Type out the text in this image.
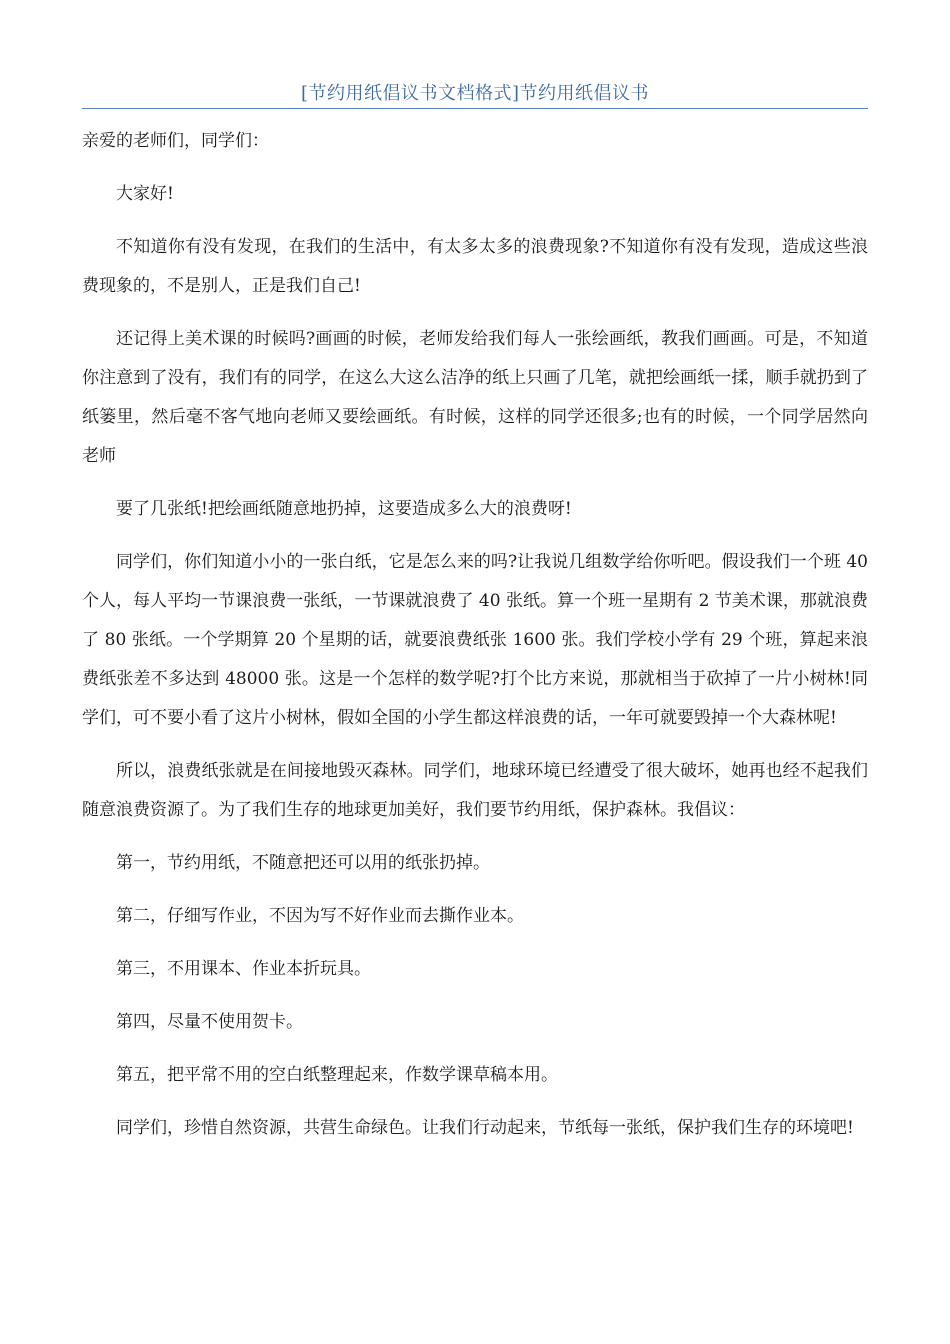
[节约用纸倡议书文档格式]节约用纸倡议书

亲爱的老师们，同学们：

大家好!

不知道你有没有发现，在我们的生活中，有太多太多的浪费现象?不知道你有没有发现，造成这些浪费现象的，不是别人，正是我们自己!

还记得上美术课的时候吗?画画的时候，老师发给我们每人一张绘画纸，教我们画画。可是，不知道你注意到了没有，我们有的同学，在这么大这么洁净的纸上只画了几笔，就把绘画纸一揉，顺手就扔到了纸篓里，然后毫不客气地向老师又要绘画纸。有时候，这样的同学还很多;也有的时候，一个同学居然向老师

要了几张纸!把绘画纸随意地扔掉，这要造成多么大的浪费呀!

同学们，你们知道小小的一张白纸，它是怎么来的吗?让我说几组数学给你听吧。假设我们一个班 40 个人，每人平均一节课浪费一张纸，一节课就浪费了 40 张纸。算一个班一星期有 2 节美术课，那就浪费了 80 张纸。一个学期算 20 个星期的话，就要浪费纸张 1600 张。我们学校小学有 29 个班，算起来浪费纸张差不多达到 48000 张。这是一个怎样的数学呢?打个比方来说，那就相当于砍掉了一片小树林!同学们，可不要小看了这片小树林，假如全国的小学生都这样浪费的话，一年可就要毁掉一个大森林呢!

所以，浪费纸张就是在间接地毁灭森林。同学们，地球环境已经遭受了很大破坏，她再也经不起我们随意浪费资源了。为了我们生存的地球更加美好，我们要节约用纸，保护森林。我倡议：

第一，节约用纸，不随意把还可以用的纸张扔掉。

第二，仔细写作业，不因为写不好作业而去撕作业本。

第三，不用课本、作业本折玩具。

第四，尽量不使用贺卡。

第五，把平常不用的空白纸整理起来，作数学课草稿本用。

同学们，珍惜自然资源，共营生命绿色。让我们行动起来，节纸每一张纸，保护我们生存的环境吧!
